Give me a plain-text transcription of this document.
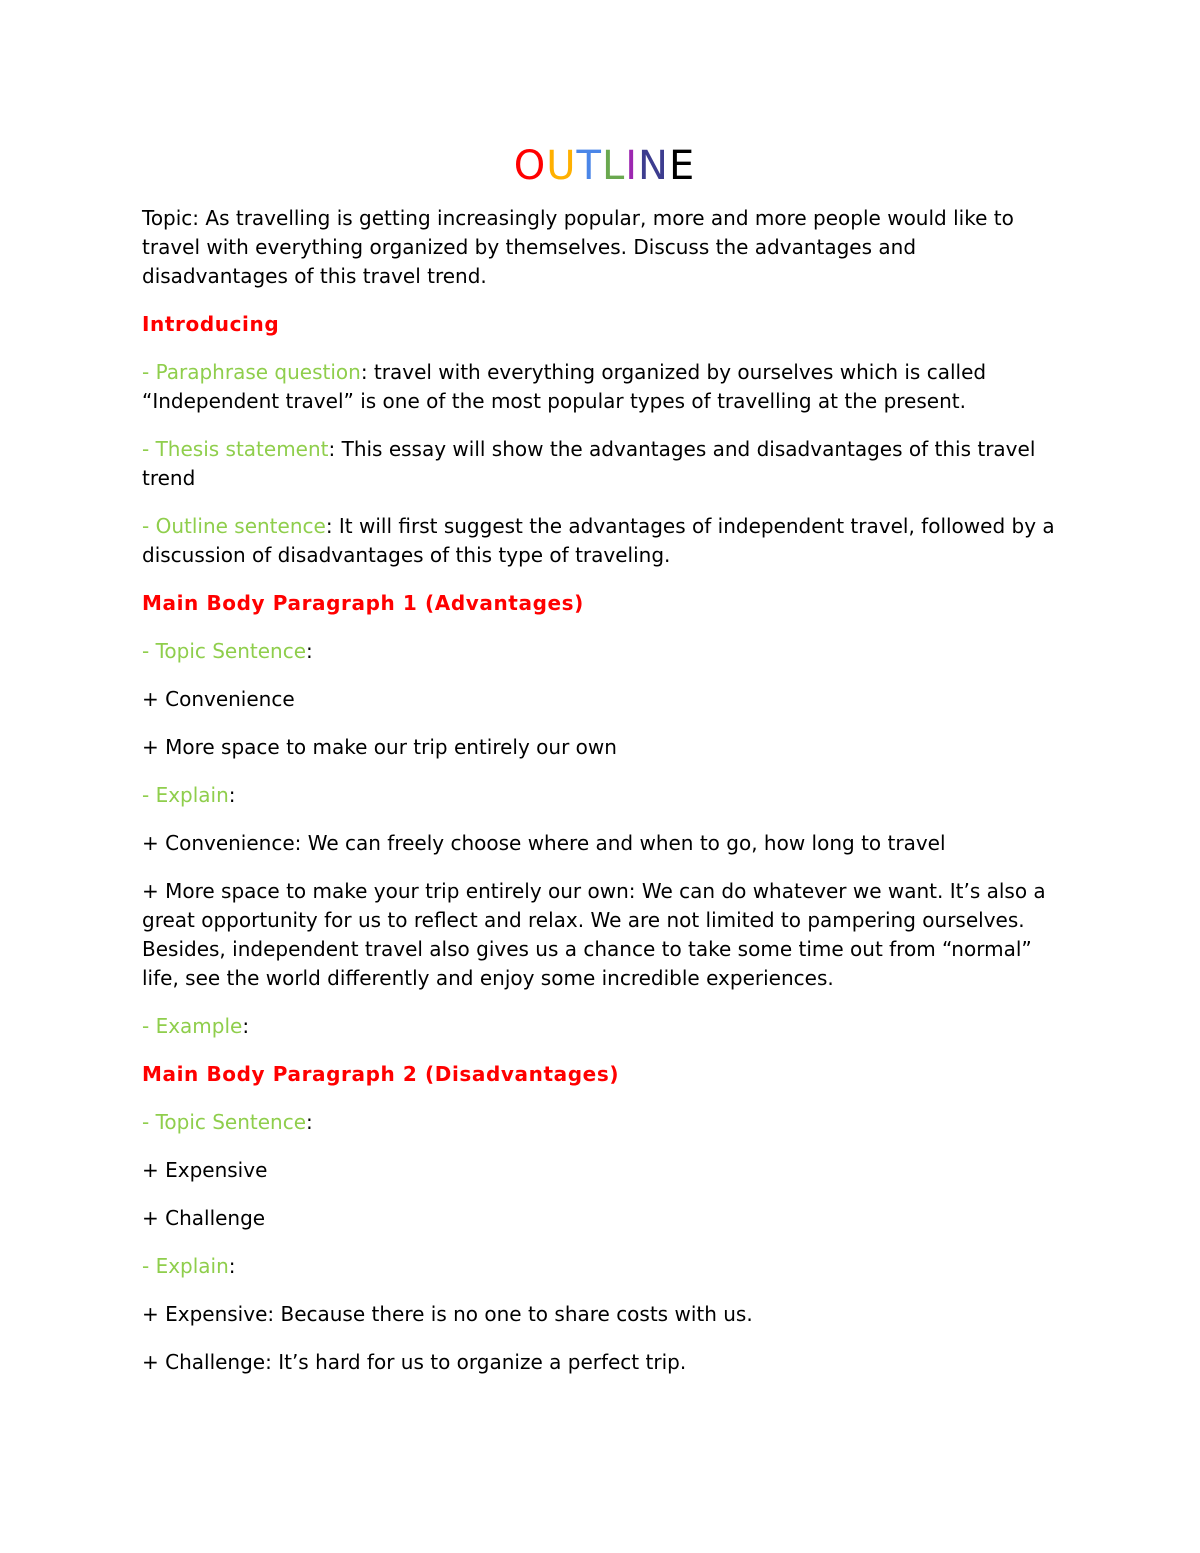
OUTLINE

Topic: As travelling is getting increasingly popular, more and more people would like to travel with everything organized by themselves. Discuss the advantages and disadvantages of this travel trend.

Introducing

- Paraphrase question: travel with everything organized by ourselves which is called “Independent travel” is one of the most popular types of travelling at the present.

- Thesis statement: This essay will show the advantages and disadvantages of this travel trend

- Outline sentence: It will first suggest the advantages of independent travel, followed by a discussion of disadvantages of this type of traveling.

Main Body Paragraph 1 (Advantages)

- Topic Sentence:

+ Convenience

+ More space to make our trip entirely our own

- Explain:

+ Convenience: We can freely choose where and when to go, how long to travel

+ More space to make your trip entirely our own: We can do whatever we want. It’s also a great opportunity for us to reflect and relax. We are not limited to pampering ourselves. Besides, independent travel also gives us a chance to take some time out from “normal” life, see the world differently and enjoy some incredible experiences.

- Example:

Main Body Paragraph 2 (Disadvantages)

- Topic Sentence:

+ Expensive

+ Challenge

- Explain:

+ Expensive: Because there is no one to share costs with us.

+ Challenge: It’s hard for us to organize a perfect trip.
